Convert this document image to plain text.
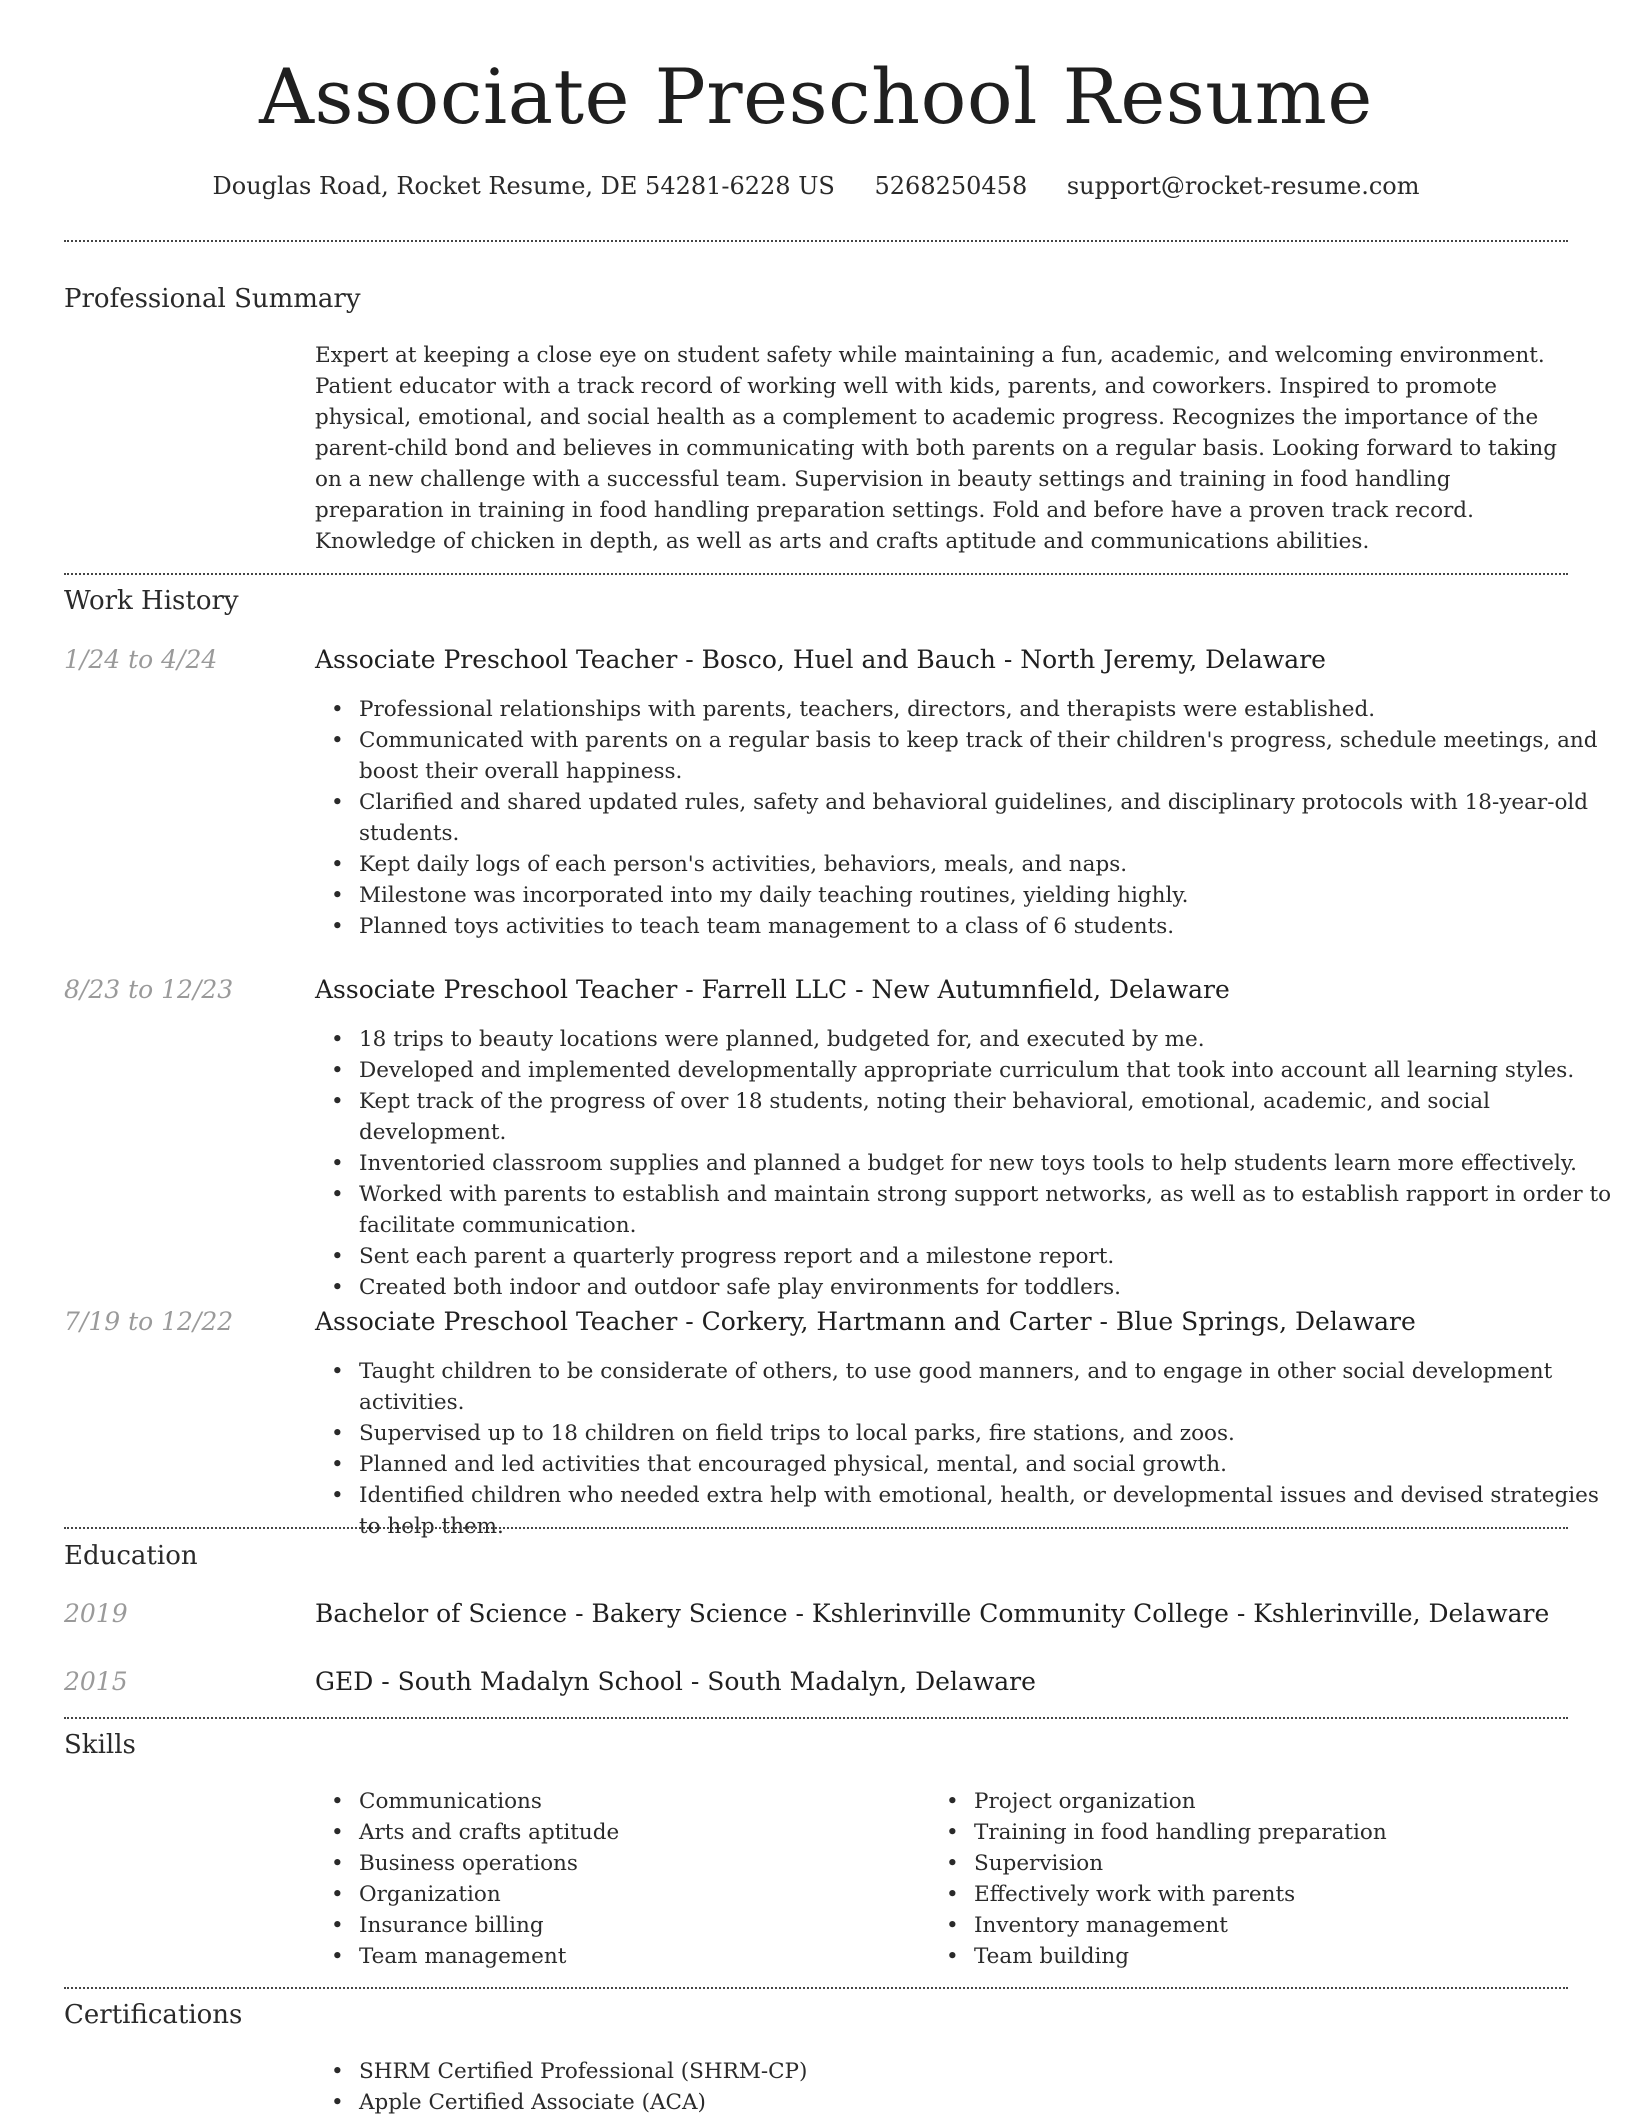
Associate Preschool Resume
Douglas Road, Rocket Resume, DE 54281-6228 US 5268250458 support@rocket-resume.com
Professional Summary

Expert at keeping a close eye on student safety while maintaining a fun, academic, and welcoming environment. Patient educator with a track record of working well with kids, parents, and coworkers. Inspired to promote physical, emotional, and social health as a complement to academic progress. Recognizes the importance of the parent-child bond and believes in communicating with both parents on a regular basis. Looking forward to taking on a new challenge with a successful team. Supervision in beauty settings and training in food handling preparation in training in food handling preparation settings. Fold and before have a proven track record. Knowledge of chicken in depth, as well as arts and crafts aptitude and communications abilities.

Work History
1/24 to 4/24	Associate Preschool Teacher - Bosco, Huel and Bauch - North Jeremy, Delaware
• Professional relationships with parents, teachers, directors, and therapists were established.
• Communicated with parents on a regular basis to keep track of their children's progress, schedule meetings, and boost their overall happiness.
• Clarified and shared updated rules, safety and behavioral guidelines, and disciplinary protocols with 18-year-old students.
• Kept daily logs of each person's activities, behaviors, meals, and naps.
• Milestone was incorporated into my daily teaching routines, yielding highly.
• Planned toys activities to teach team management to a class of 6 students.
8/23 to 12/23	Associate Preschool Teacher - Farrell LLC - New Autumnfield, Delaware
• 18 trips to beauty locations were planned, budgeted for, and executed by me.
• Developed and implemented developmentally appropriate curriculum that took into account all learning styles.
• Kept track of the progress of over 18 students, noting their behavioral, emotional, academic, and social development.
• Inventoried classroom supplies and planned a budget for new toys tools to help students learn more effectively.
• Worked with parents to establish and maintain strong support networks, as well as to establish rapport in order to facilitate communication.
• Sent each parent a quarterly progress report and a milestone report.
• Created both indoor and outdoor safe play environments for toddlers.
7/19 to 12/22	Associate Preschool Teacher - Corkery, Hartmann and Carter - Blue Springs, Delaware
• Taught children to be considerate of others, to use good manners, and to engage in other social development activities.
• Supervised up to 18 children on field trips to local parks, fire stations, and zoos.
• Planned and led activities that encouraged physical, mental, and social growth.
• Identified children who needed extra help with emotional, health, or developmental issues and devised strategies to help them.
Education
2019	Bachelor of Science - Bakery Science - Kshlerinville Community College - Kshlerinville, Delaware
2015	GED - South Madalyn School - South Madalyn, Delaware
Skills
• Communications
• Arts and crafts aptitude
• Business operations
• Organization
• Insurance billing
• Team management
• Project organization
• Training in food handling preparation
• Supervision
• Effectively work with parents
• Inventory management
• Team building
Certifications
• SHRM Certified Professional (SHRM-CP)
• Apple Certified Associate (ACA)
